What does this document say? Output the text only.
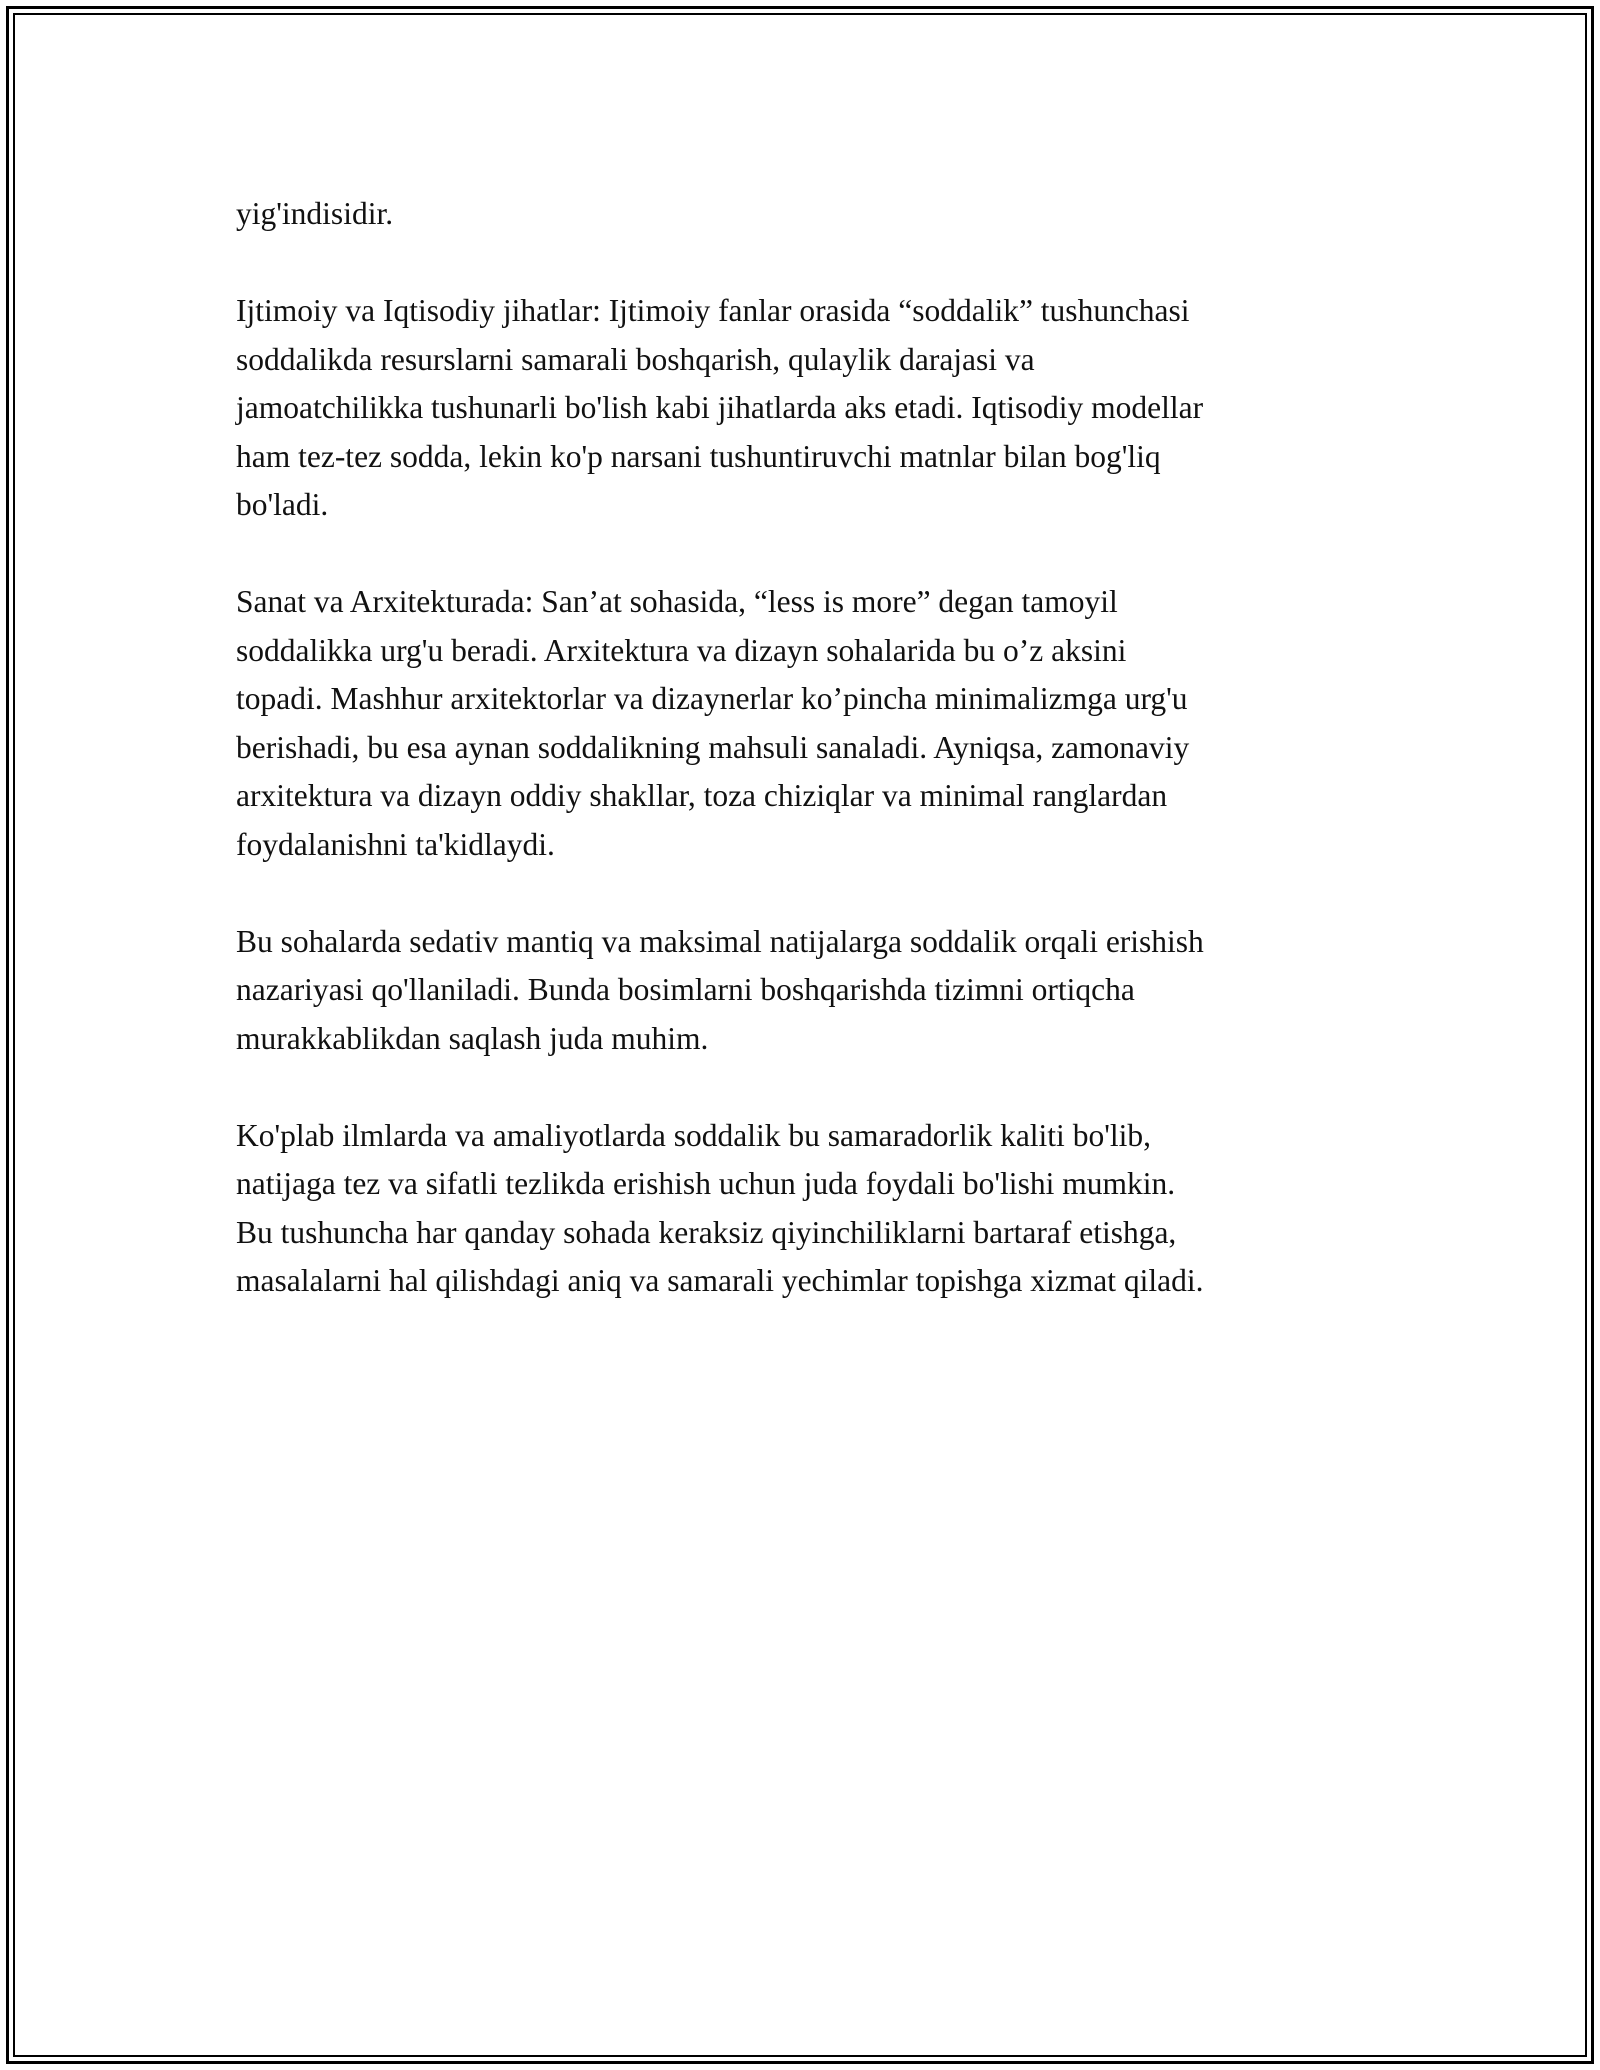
yig'indisidir.

Ijtimoiy va Iqtisodiy jihatlar: Ijtimoiy fanlar orasida “soddalik” tushunchasi
soddalikda resurslarni samarali boshqarish, qulaylik darajasi va
jamoatchilikka tushunarli bo'lish kabi jihatlarda aks etadi. Iqtisodiy modellar
ham tez-tez sodda, lekin ko'p narsani tushuntiruvchi matnlar bilan bog'liq
bo'ladi.

Sanat va Arxitekturada: San’at sohasida, “less is more” degan tamoyil
soddalikka urg'u beradi. Arxitektura va dizayn sohalarida bu o’z aksini
topadi. Mashhur arxitektorlar va dizaynerlar ko’pincha minimalizmga urg'u
berishadi, bu esa aynan soddalikning mahsuli sanaladi. Ayniqsa, zamonaviy
arxitektura va dizayn oddiy shakllar, toza chiziqlar va minimal ranglardan
foydalanishni ta'kidlaydi.

Bu sohalarda sedativ mantiq va maksimal natijalarga soddalik orqali erishish
nazariyasi qo'llaniladi. Bunda bosimlarni boshqarishda tizimni ortiqcha
murakkablikdan saqlash juda muhim.

Ko'plab ilmlarda va amaliyotlarda soddalik bu samaradorlik kaliti bo'lib,
natijaga tez va sifatli tezlikda erishish uchun juda foydali bo'lishi mumkin.
Bu tushuncha har qanday sohada keraksiz qiyinchiliklarni bartaraf etishga,
masalalarni hal qilishdagi aniq va samarali yechimlar topishga xizmat qiladi.
